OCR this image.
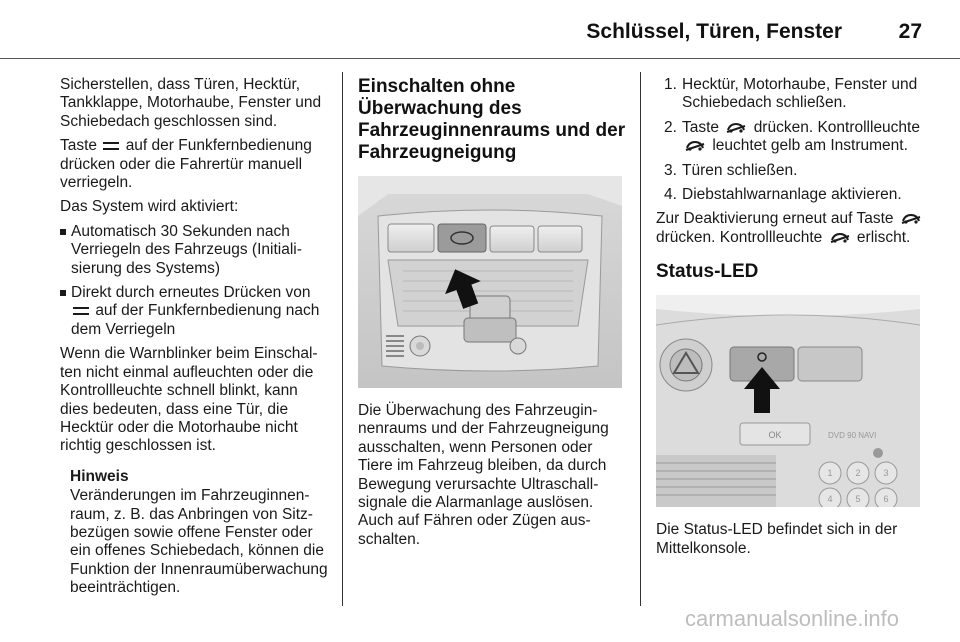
Schlüssel, Türen, Fenster	27

Sicherstellen, dass Türen, Hecktür, Tankklappe, Motorhaube, Fenster und Schiebedach geschlossen sind.

Taste auf der Funkfernbedienung drücken oder die Fahrertür manuell verriegeln.

Das System wird aktiviert:

Automatisch 30 Sekunden nach Verriegeln des Fahrzeugs (Initialisierung des Systems)
Direkt durch erneutes Drücken von
auf der Funkfernbedienung nach dem Verriegeln

Wenn die Warnblinker beim Einschalten nicht einmal aufleuchten oder die Kontrollleuchte schnell blinkt, kann dies bedeuten, dass eine Tür, die Hecktür oder die Motorhaube nicht richtig geschlossen ist.

Hinweis
Veränderungen im Fahrzeuginnenraum, z. B. das Anbringen von Sitzbezügen sowie offene Fenster oder ein offenes Schiebedach, können die Funktion der Innenraumüberwachung beeinträchtigen.
Einschalten ohne Überwachung des Fahrzeuginnenraums und der Fahrzeugneigung

Die Überwachung des Fahrzeuginnenraums und der Fahrzeugneigung ausschalten, wenn Personen oder Tiere im Fahrzeug bleiben, da durch Bewegung verursachte Ultraschallsignale die Alarmanlage auslösen. Auch auf Fähren oder Zügen ausschalten.

1. Hecktür, Motorhaube, Fenster und Schiebedach schließen.
2. Taste drücken. Kontrollleuchte  leuchtet gelb am Instrument.
3. Türen schließen.
4. Diebstahlwarnanlage aktivieren.

Zur Deaktivierung erneut auf Taste  drücken. Kontrollleuchte erlischt.

Status-LED
OK	DVD 90 NAVI
1	2	3
4	5	6

Die Status-LED befindet sich in der Mittelkonsole.

carmanualsonline.info
